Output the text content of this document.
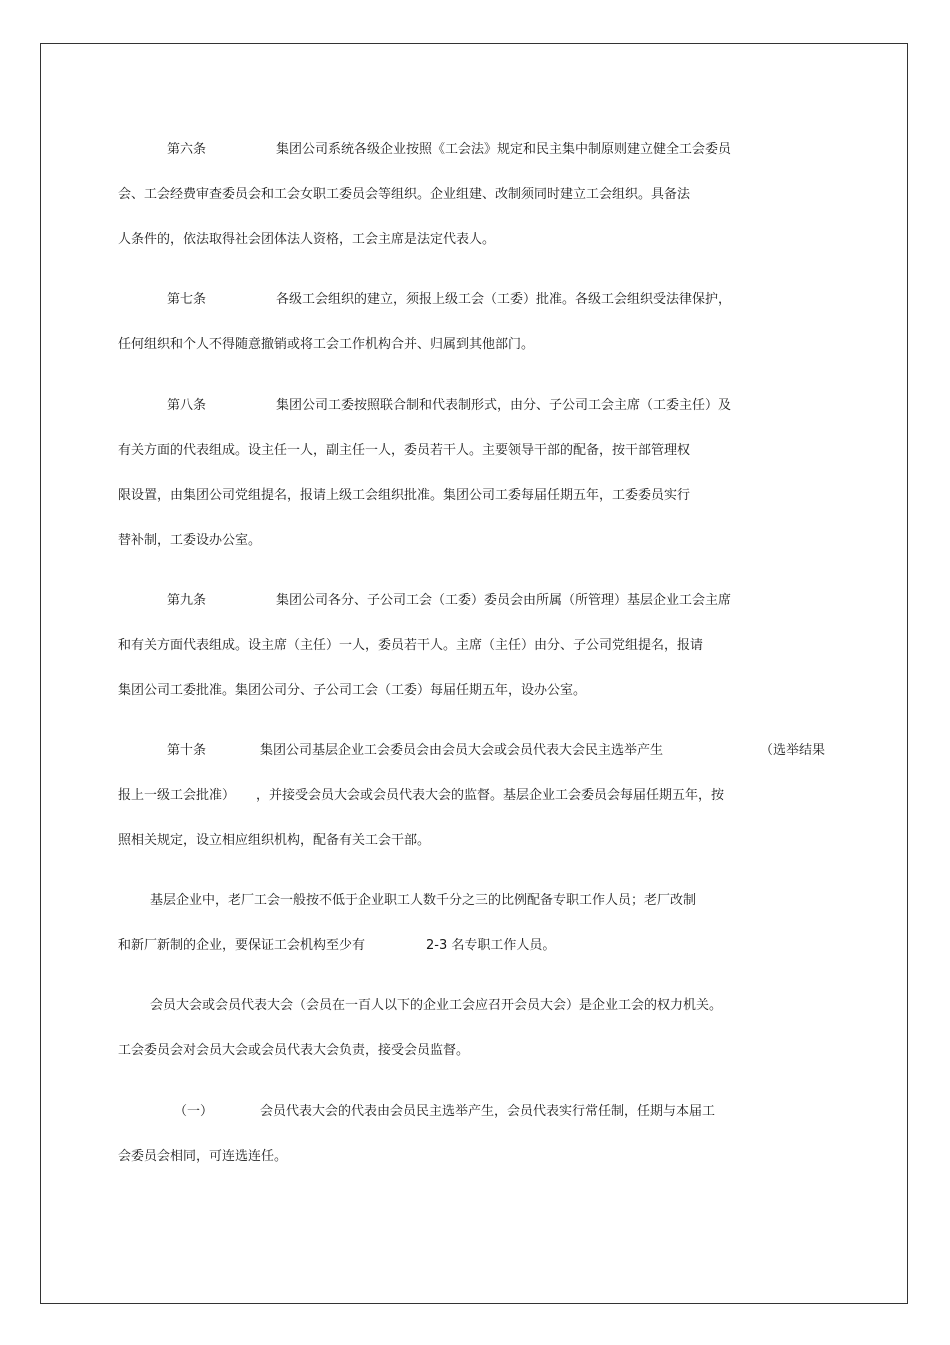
第六条	集团公司系统各级企业按照《工会法》规定和民主集中制原则建立健全工会委员
会、工会经费审查委员会和工会女职工委员会等组织。企业组建、改制须同时建立工会组织。具备法
人条件的，依法取得社会团体法人资格，工会主席是法定代表人。
第七条	各级工会组织的建立，须报上级工会（工委）批准。各级工会组织受法律保护，
任何组织和个人不得随意撤销或将工会工作机构合并、归属到其他部门。
第八条	集团公司工委按照联合制和代表制形式，由分、子公司工会主席（工委主任）及
有关方面的代表组成。设主任一人，副主任一人，委员若干人。主要领导干部的配备，按干部管理权
限设置，由集团公司党组提名，报请上级工会组织批准。集团公司工委每届任期五年，工委委员实行
替补制，工委设办公室。
第九条	集团公司各分、子公司工会（工委）委员会由所属（所管理）基层企业工会主席
和有关方面代表组成。设主席（主任）一人，委员若干人。主席（主任）由分、子公司党组提名，报请
集团公司工委批准。集团公司分、子公司工会（工委）每届任期五年，设办公室。
第十条	集团公司基层企业工会委员会由会员大会或会员代表大会民主选举产生	（选举结果
报上一级工会批准） ，并接受会员大会或会员代表大会的监督。基层企业工会委员会每届任期五年，按
照相关规定，设立相应组织机构，配备有关工会干部。
基层企业中，老厂工会一般按不低于企业职工人数千分之三的比例配备专职工作人员；老厂改制
和新厂新制的企业，要保证工会机构至少有	2-3 名专职工作人员。
会员大会或会员代表大会（会员在一百人以下的企业工会应召开会员大会）是企业工会的权力机关。
工会委员会对会员大会或会员代表大会负责，接受会员监督。
（一）	会员代表大会的代表由会员民主选举产生，会员代表实行常任制，任期与本届工
会委员会相同，可连选连任。
